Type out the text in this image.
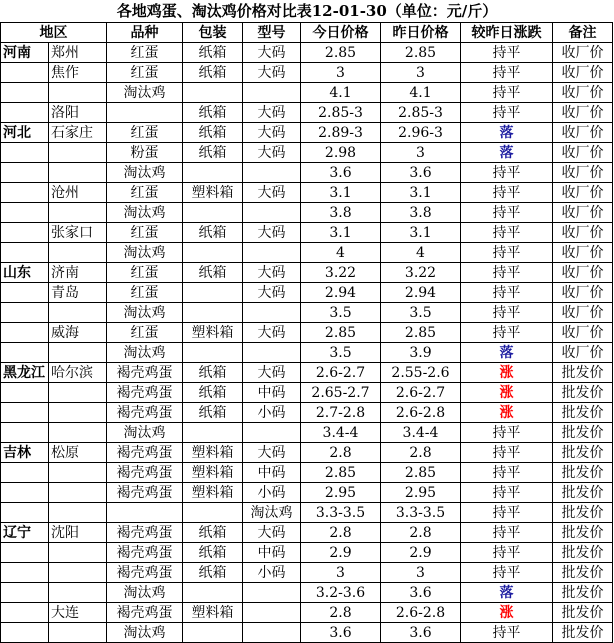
各地鸡蛋、淘汰鸡价格对比表12-01-30（单位：元/斤）
地区		品种	包装	型号	今日价格	昨日价格	较昨日涨跌	备注
河南	郑州	红蛋	纸箱	大码	2.85	2.85	持平	收厂价
	焦作	红蛋	纸箱	大码	3	3	持平	收厂价
		淘汰鸡			4.1	4.1	持平	收厂价
	洛阳		纸箱	大码	2.85-3	2.85-3	持平	收厂价
河北	石家庄	红蛋	纸箱	大码	2.89-3	2.96-3	落	收厂价
		粉蛋	纸箱	大码	2.98	3	落	收厂价
		淘汰鸡			3.6	3.6	持平	收厂价
	沧州	红蛋	塑料箱	大码	3.1	3.1	持平	收厂价
		淘汰鸡			3.8	3.8	持平	收厂价
	张家口	红蛋	纸箱	大码	3.1	3.1	持平	收厂价
		淘汰鸡			4	4	持平	收厂价
山东	济南	红蛋	纸箱	大码	3.22	3.22	持平	收厂价
	青岛	红蛋		大码	2.94	2.94	持平	收厂价
		淘汰鸡			3.5	3.5	持平	收厂价
	威海	红蛋	塑料箱	大码	2.85	2.85	持平	收厂价
		淘汰鸡			3.5	3.9	落	收厂价
黑龙江	哈尔滨	褐壳鸡蛋	纸箱	大码	2.6-2.7	2.55-2.6	涨	批发价
		褐壳鸡蛋	纸箱	中码	2.65-2.7	2.6-2.7	涨	批发价
		褐壳鸡蛋	纸箱	小码	2.7-2.8	2.6-2.8	涨	批发价
		淘汰鸡			3.4-4	3.4-4	持平	批发价
吉林	松原	褐壳鸡蛋	塑料箱	大码	2.8	2.8	持平	批发价
		褐壳鸡蛋	塑料箱	中码	2.85	2.85	持平	批发价
		褐壳鸡蛋	塑料箱	小码	2.95	2.95	持平	批发价
				淘汰鸡	3.3-3.5	3.3-3.5	持平	批发价
辽宁	沈阳	褐壳鸡蛋	纸箱	大码	2.8	2.8	持平	批发价
		褐壳鸡蛋	纸箱	中码	2.9	2.9	持平	批发价
		褐壳鸡蛋	纸箱	小码	3	3	持平	批发价
		淘汰鸡			3.2-3.6	3.6	落	批发价
	大连	褐壳鸡蛋	塑料箱		2.8	2.6-2.8	涨	批发价
		淘汰鸡			3.6	3.6	持平	批发价
